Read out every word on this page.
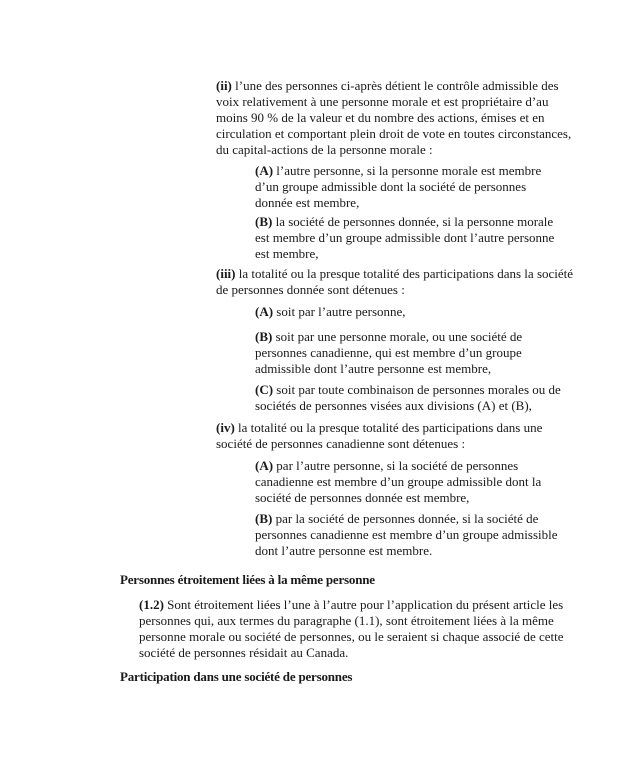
(ii) l’une des personnes ci-après détient le contrôle admissible des voix relativement à une personne morale et est propriétaire d’au moins 90 % de la valeur et du nombre des actions, émises et en circulation et comportant plein droit de vote en toutes circonstances, du capital-actions de la personne morale :

(A) l’autre personne, si la personne morale est membre d’un groupe admissible dont la société de personnes donnée est membre,

(B) la société de personnes donnée, si la personne morale est membre d’un groupe admissible dont l’autre personne est membre,

(iii) la totalité ou la presque totalité des participations dans la société de personnes donnée sont détenues :

(A) soit par l’autre personne,

(B) soit par une personne morale, ou une société de personnes canadienne, qui est membre d’un groupe admissible dont l’autre personne est membre,

(C) soit par toute combinaison de personnes morales ou de sociétés de personnes visées aux divisions (A) et (B),

(iv) la totalité ou la presque totalité des participations dans une société de personnes canadienne sont détenues :

(A) par l’autre personne, si la société de personnes canadienne est membre d’un groupe admissible dont la société de personnes donnée est membre,

(B) par la société de personnes donnée, si la société de personnes canadienne est membre d’un groupe admissible dont l’autre personne est membre.

Personnes étroitement liées à la même personne

(1.2) Sont étroitement liées l’une à l’autre pour l’application du présent article les personnes qui, aux termes du paragraphe (1.1), sont étroitement liées à la même personne morale ou société de personnes, ou le seraient si chaque associé de cette société de personnes résidait au Canada.

Participation dans une société de personnes
